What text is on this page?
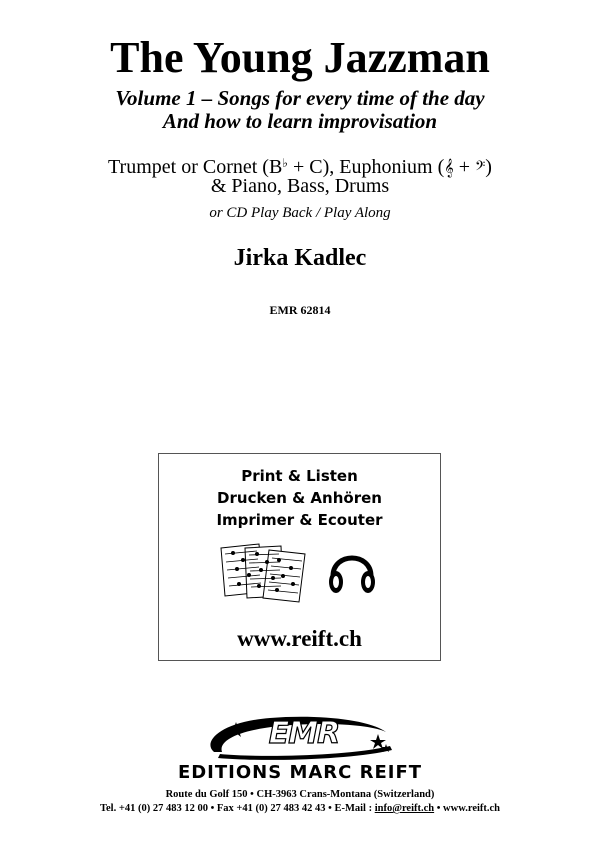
The Young Jazzman
Volume 1 – Songs for every time of the day
And how to learn improvisation
Trumpet or Cornet (B♭ + C), Euphonium (𝄞 + 𝄢)
& Piano, Bass, Drums
or CD Play Back / Play Along
Jirka Kadlec
EMR 62814
Print & Listen
Drucken & Anhören
Imprimer & Ecouter
www.reift.ch
EMR
EDITIONS MARC REIFT
Route du Golf 150 • CH-3963 Crans-Montana (Switzerland)
Tel. +41 (0) 27 483 12 00 • Fax +41 (0) 27 483 42 43 • E-Mail : info@reift.ch • www.reift.ch
